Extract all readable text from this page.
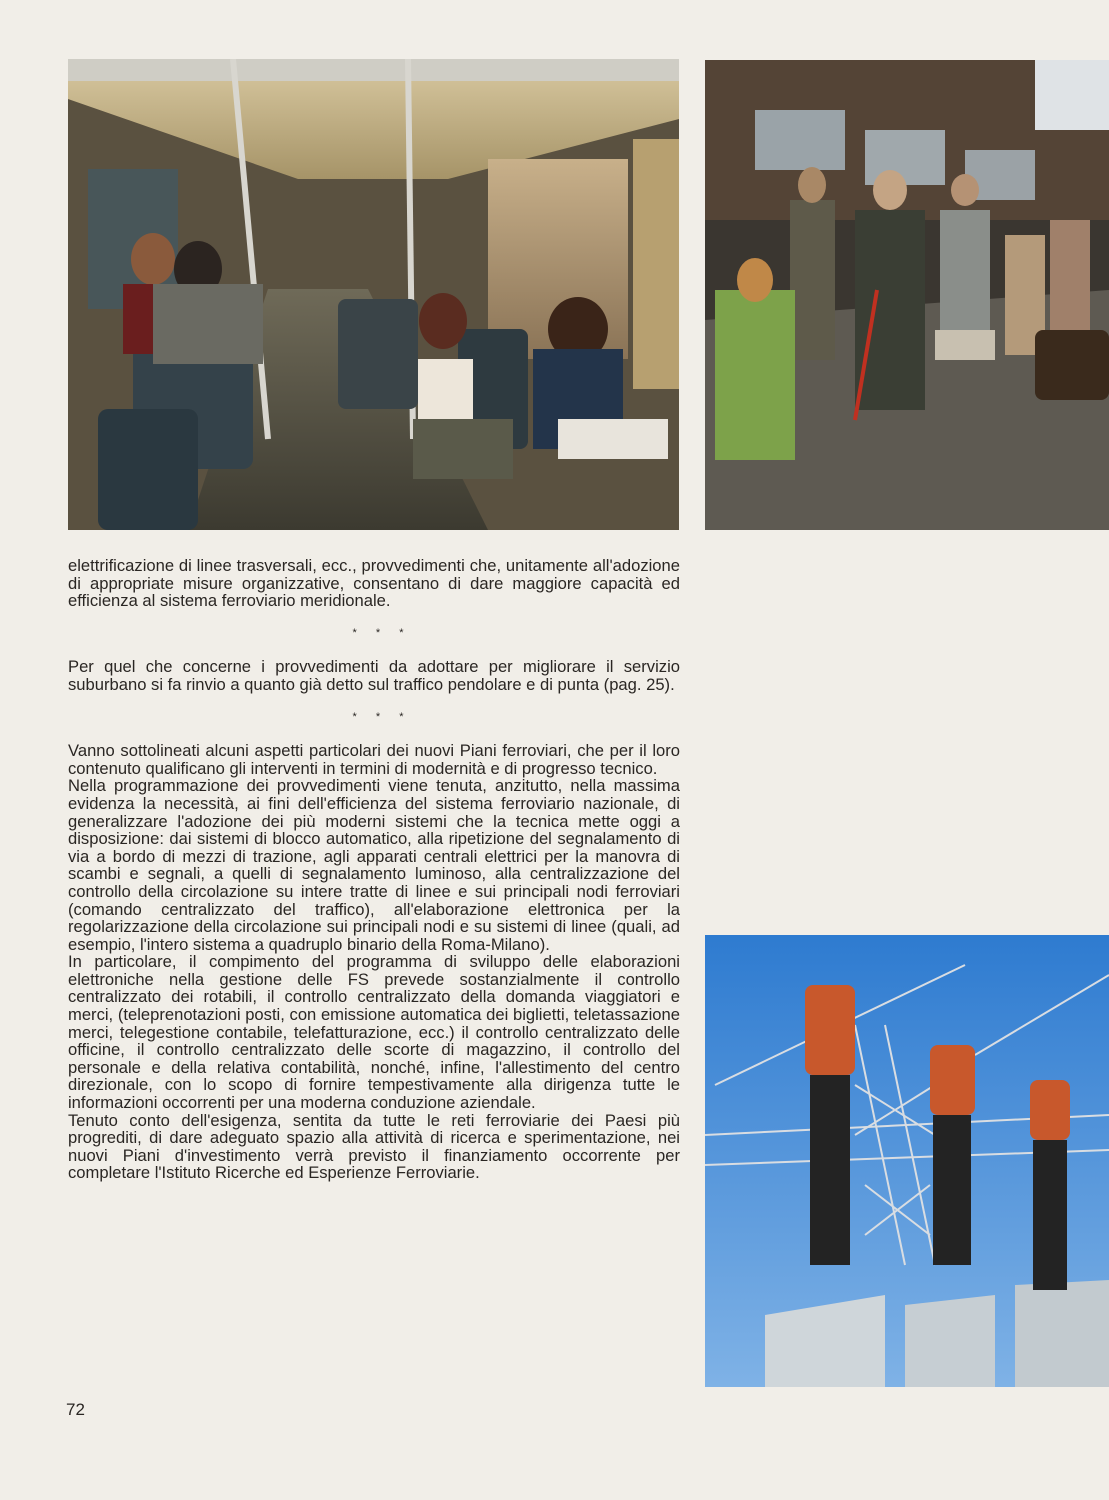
elettrificazione di linee trasversali, ecc., provvedimenti che, unitamente all'adozione di appropriate misure organizzative, consentano di dare maggiore capacità ed efficienza al sistema ferroviario meridionale.

* * *

Per quel che concerne i provvedimenti da adottare per migliorare il servizio suburbano si fa rinvio a quanto già detto sul traffico pendolare e di punta (pag. 25).

* * *

Vanno sottolineati alcuni aspetti particolari dei nuovi Piani ferroviari, che per il loro contenuto qualificano gli interventi in termini di modernità e di progresso tecnico.

Nella programmazione dei provvedimenti viene tenuta, anzitutto, nella massima evidenza la necessità, ai fini dell'efficienza del sistema ferroviario nazionale, di generalizzare l'adozione dei più moderni sistemi che la tecnica mette oggi a disposizione: dai sistemi di blocco automatico, alla ripetizione del segnalamento di via a bordo di mezzi di trazione, agli apparati centrali elettrici per la manovra di scambi e segnali, a quelli di segnalamento luminoso, alla centralizzazione del controllo della circolazione su intere tratte di linee e sui principali nodi ferroviari (comando centralizzato del traffico), all'elaborazione elettronica per la regolarizzazione della circolazione sui principali nodi e su sistemi di linee (quali, ad esempio, l'intero sistema a quadruplo binario della Roma-Milano).

In particolare, il compimento del programma di sviluppo delle elaborazioni elettroniche nella gestione delle FS prevede sostanzialmente il controllo centralizzato dei rotabili, il controllo centralizzato della domanda viaggiatori e merci, (teleprenotazioni posti, con emissione automatica dei biglietti, teletassazione merci, telegestione contabile, telefatturazione, ecc.) il controllo centralizzato delle officine, il controllo centralizzato delle scorte di magazzino, il controllo del personale e della relativa contabilità, nonché, infine, l'allestimento del centro direzionale, con lo scopo di fornire tempestivamente alla dirigenza tutte le informazioni occorrenti per una moderna conduzione aziendale.

Tenuto conto dell'esigenza, sentita da tutte le reti ferroviarie dei Paesi più progrediti, di dare adeguato spazio alla attività di ricerca e sperimentazione, nei nuovi Piani d'investimento verrà previsto il finanziamento occorrente per completare l'Istituto Ricerche ed Esperienze Ferroviarie.

72
